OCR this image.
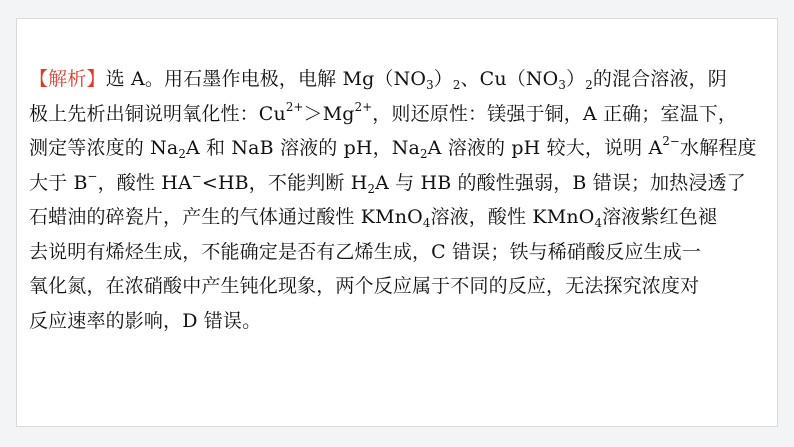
【解析】选 A。用石墨作电极，电解 $Mg(NO_3)_2$、$Cu(NO_3)_2$的混合溶液，阴
极上先析出铜说明氧化性：$Cu^{2+}>Mg^{2+}$，则还原性：镁强于铜，A 正确；室温下，
测定等浓度的 $Na_2A$ 和 NaB 溶液的 pH，$Na_2A$ 溶液的 pH 较大，说明 $A^{2-}$水解程度
大于 B−，酸性 HA−<HB，不能判断 $H_2A$ 与 HB 的酸性强弱，B 错误；加热浸透了
石蜡油的碎瓷片，产生的气体通过酸性 KMnO$_4$溶液，酸性 KMnO$_4$溶液紫红色褪
去说明有烯烃生成，不能确定是否有乙烯生成，C 错误；铁与稀硝酸反应生成一
氧化氮，在浓硝酸中产生钝化现象，两个反应属于不同的反应，无法探究浓度对
反应速率的影响，D 错误。
